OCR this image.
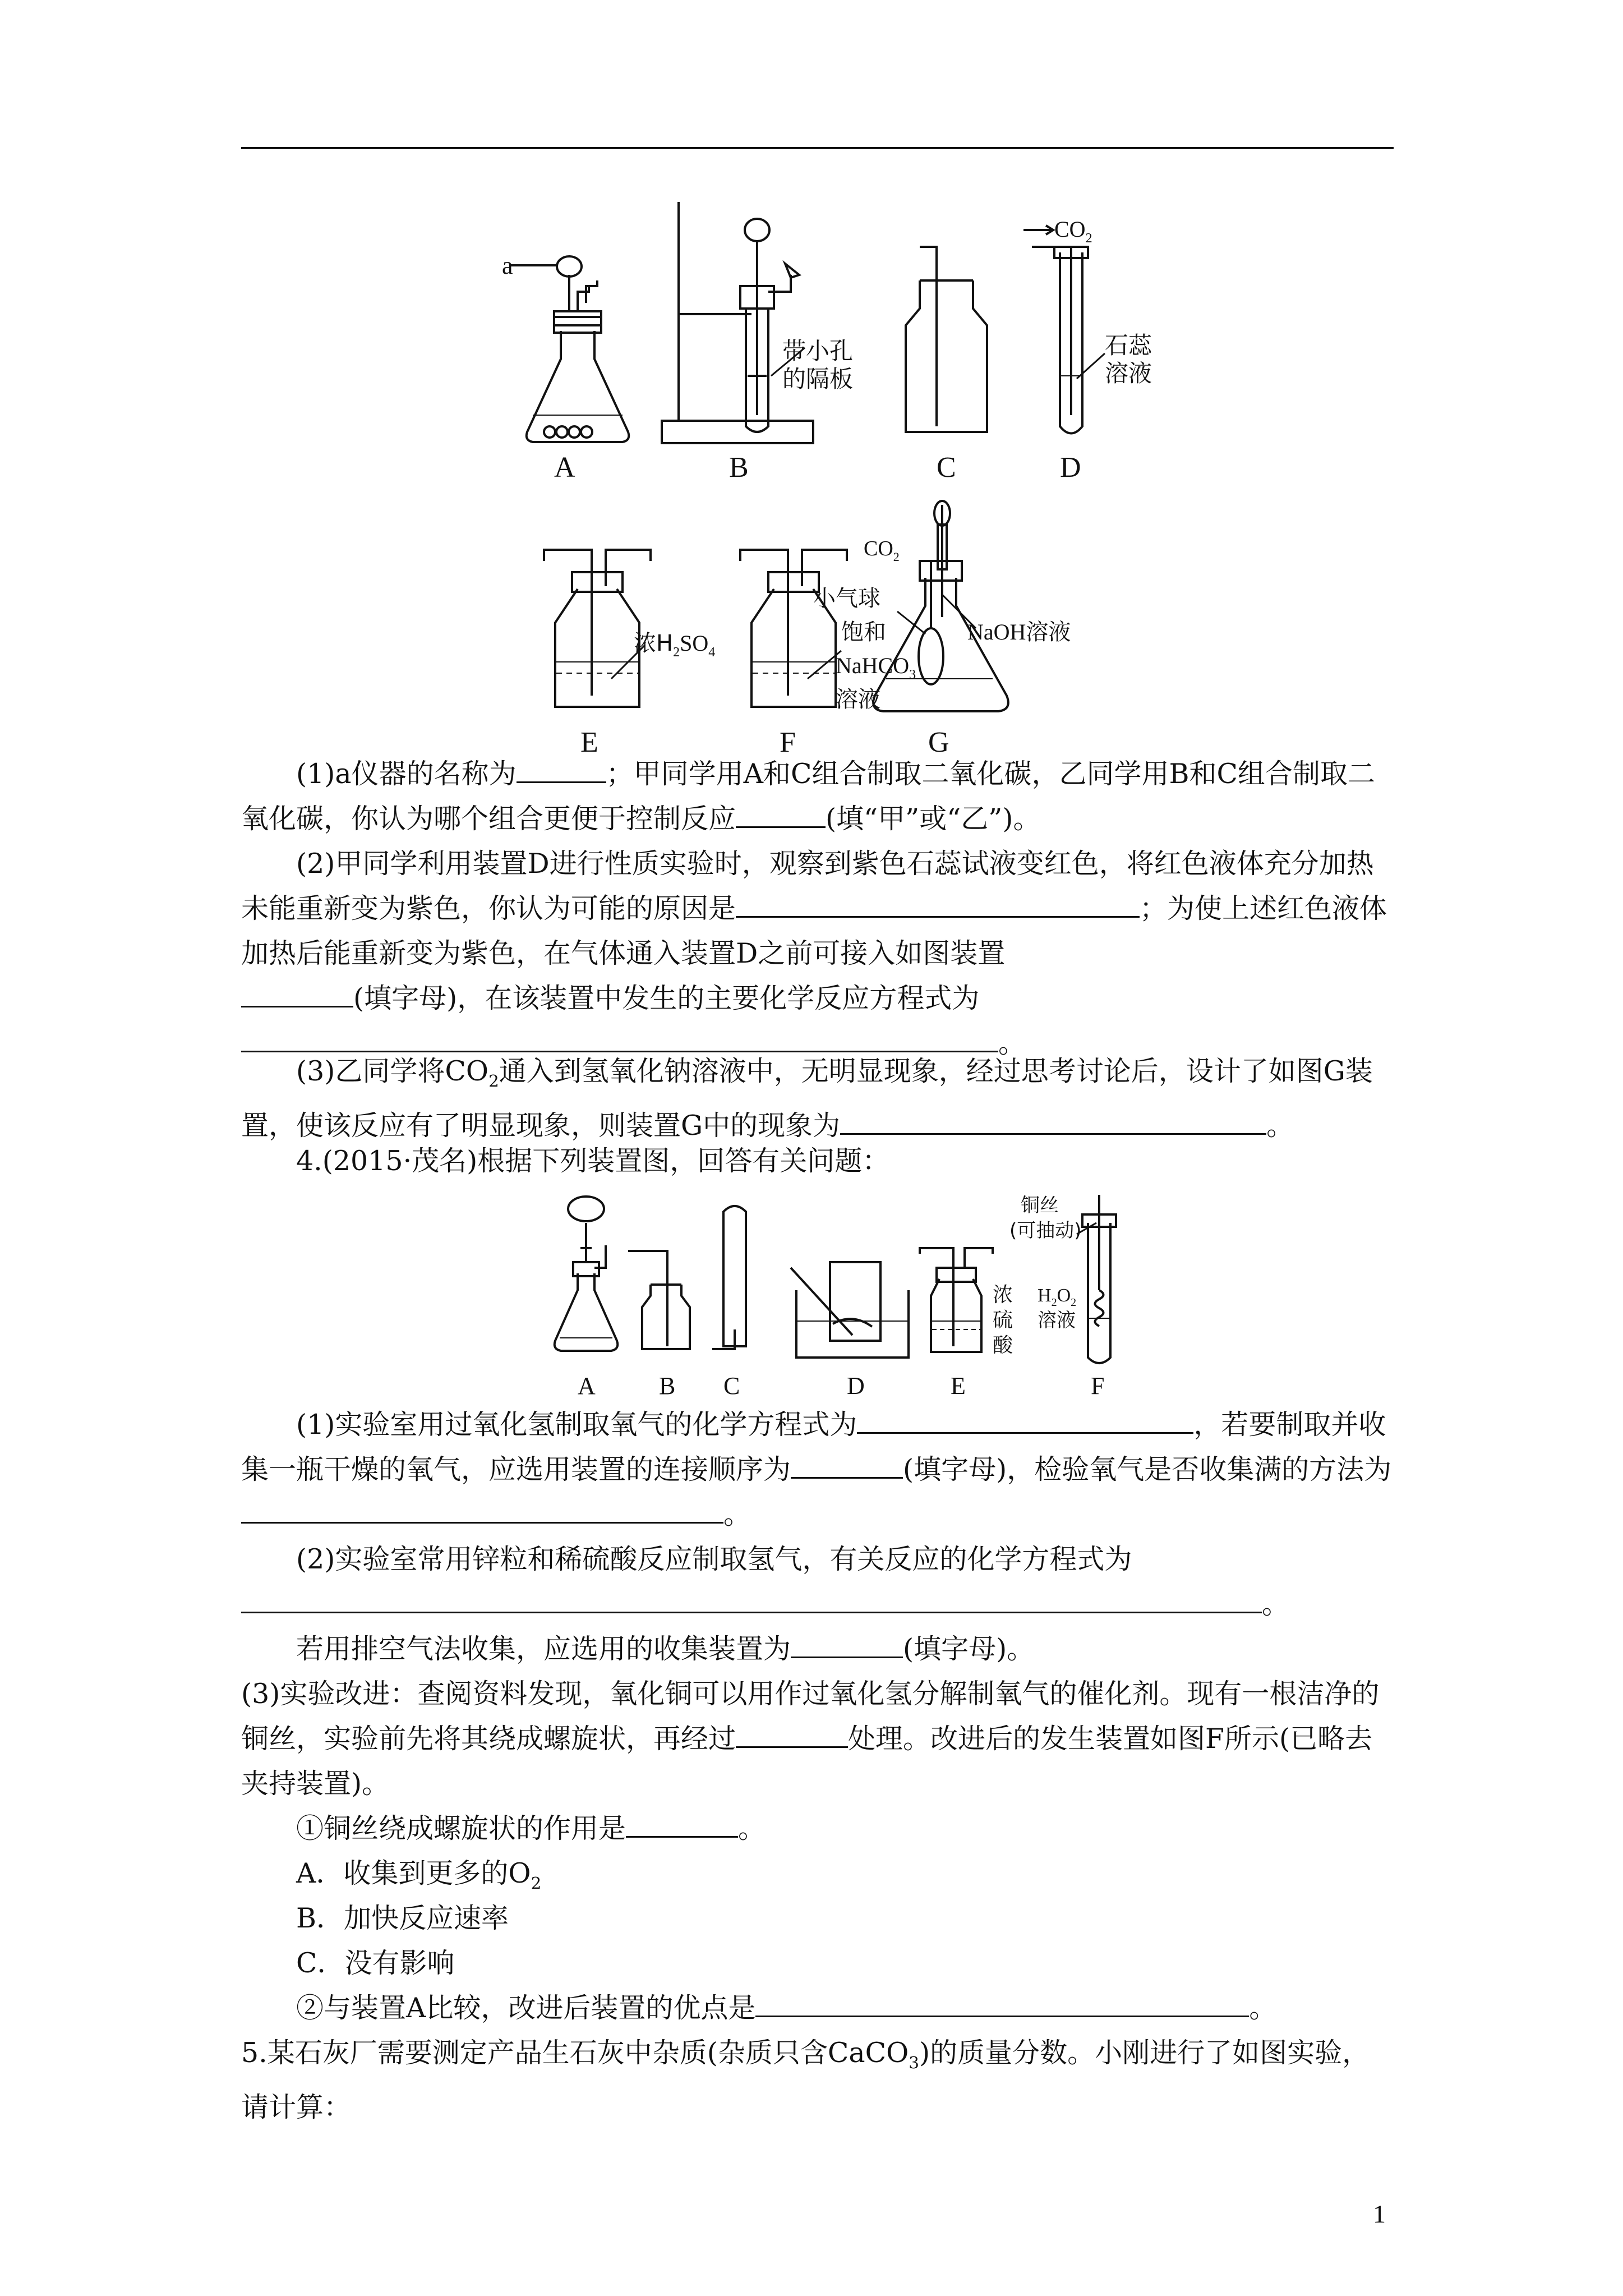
a
带小孔
的隔板
$CO_2$
石蕊
溶液
A	B	C	D
浓$H_2SO_4$
E
饱和
NaHCO$_3$
溶液
F
$CO_2$
小气球
NaOH溶液
G

(1)a仪器的名称为	；甲同学用A和C组合制取二氧化碳，乙同学用B和C组合制取二氧化碳，你认为哪个组合更便于控制反应	(填“甲”或“乙”)。

(2)甲同学利用装置D进行性质实验时，观察到紫色石蕊试液变红色，将红色液体充分加热未能重新变为紫色，你认为可能的原因是	；为使上述红色液体加热后能重新变为紫色，在气体通入装置D之前可接入如图装置
(填字母)，在该装置中发生的主要化学反应方程式为
。

(3)乙同学将$CO_2$通入到氢氧化钠溶液中，无明显现象，经过思考讨论后，设计了如图G装置，使该反应有了明显现象，则装置G中的现象为	。

4.(2015·茂名)根据下列装置图，回答有关问题：

浓
硫
酸
铜丝
(可抽动)
$H_2O_2$
溶液
A	B C	D	E	F

(1)实验室用过氧化氢制取氧气的化学方程式为	，若要制取并收集一瓶干燥的氧气，应选用装置的连接顺序为	(填字母)，检验氧气是否收集满的方法为。

(2)实验室常用锌粒和稀硫酸反应制取氢气，有关反应的化学方程式为
。

若用排空气法收集，应选用的收集装置为	(填字母)。

(3)实验改进：查阅资料发现，氧化铜可以用作过氧化氢分解制氧气的催化剂。现有一根洁净的铜丝，实验前先将其绕成螺旋状，再经过	处理。改进后的发生装置如图F所示(已略去夹持装置)。

①铜丝绕成螺旋状的作用是	。

A．收集到更多的$O_2$

B．加快反应速率

C．没有影响

②与装置A比较，改进后装置的优点是	。

5.某石灰厂需要测定产品生石灰中杂质(杂质只含CaCO$_3$)的质量分数。小刚进行了如图实验，请计算：

1
